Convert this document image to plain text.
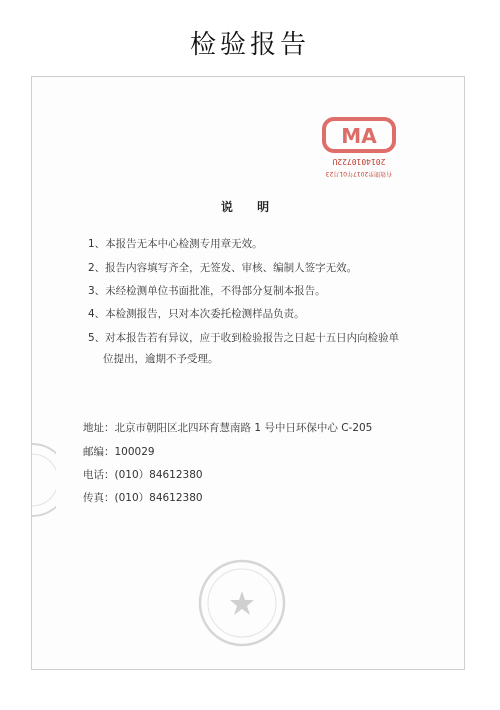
检验报告
MA
2014010722U
有效期至2017年01月23
说 明
1、本报告无本中心检测专用章无效。
2、报告内容填写齐全，无签发、审核、编制人签字无效。
3、未经检测单位书面批准，不得部分复制本报告。
4、本检测报告，只对本次委托检测样品负责。
5、对本报告若有异议，应于收到检验报告之日起十五日内向检验单
位提出，逾期不予受理。
地址：北京市朝阳区北四环育慧南路 1 号中日环保中心 C-205
邮编：100029
电话：(010）84612380
传真：(010）84612380
